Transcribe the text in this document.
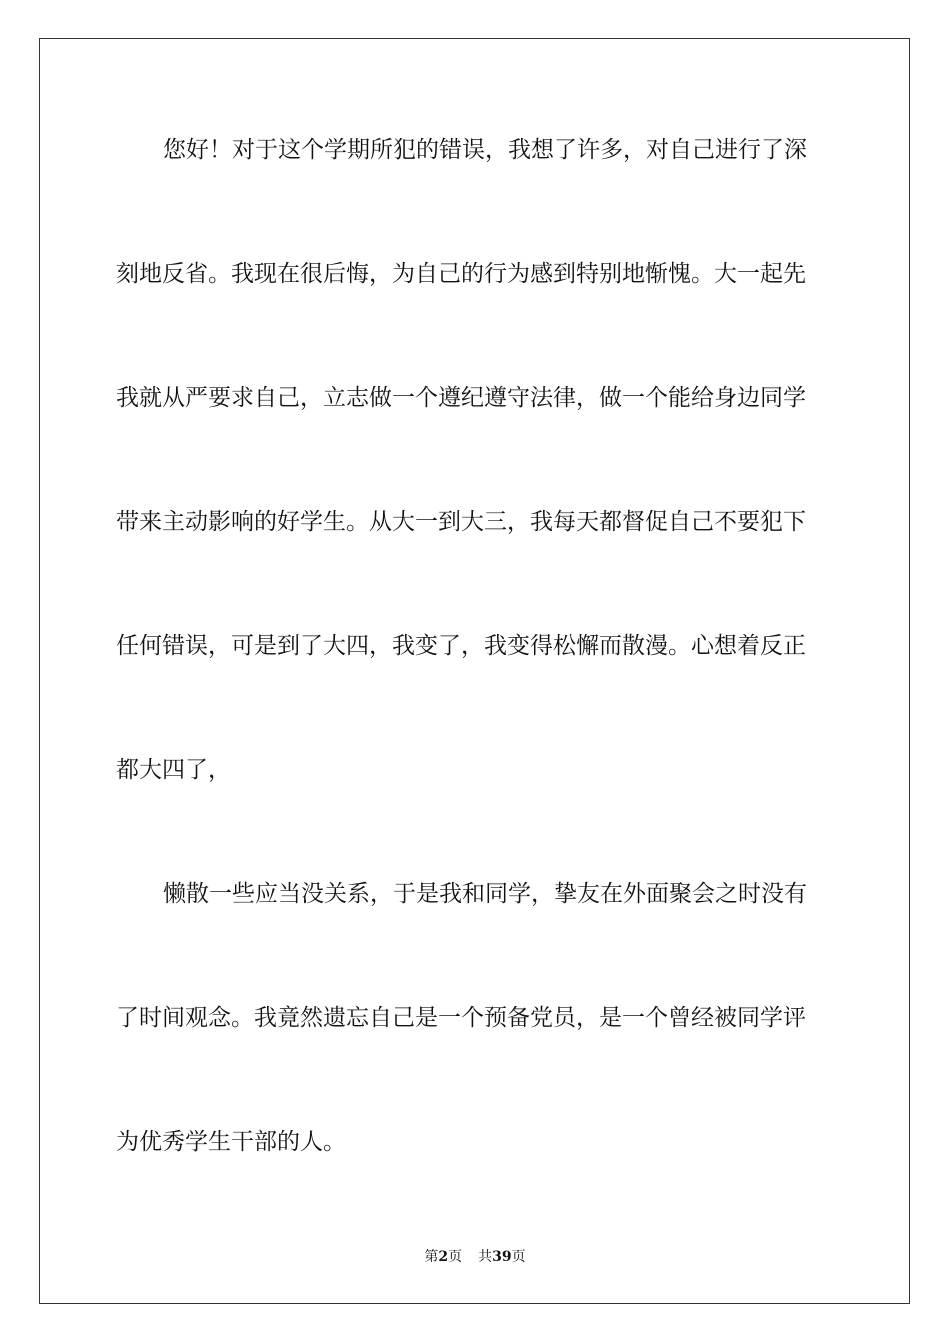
您好！对于这个学期所犯的错误，我想了许多，对自己进行了深
刻地反省。我现在很后悔，为自己的行为感到特别地惭愧。大一起先
我就从严要求自己，立志做一个遵纪遵守法律，做一个能给身边同学
带来主动影响的好学生。从大一到大三，我每天都督促自己不要犯下
任何错误，可是到了大四，我变了，我变得松懈而散漫。心想着反正
都大四了，
懒散一些应当没关系，于是我和同学，挚友在外面聚会之时没有
了时间观念。我竟然遗忘自己是一个预备党员，是一个曾经被同学评
为优秀学生干部的人。
第2页 共39页
